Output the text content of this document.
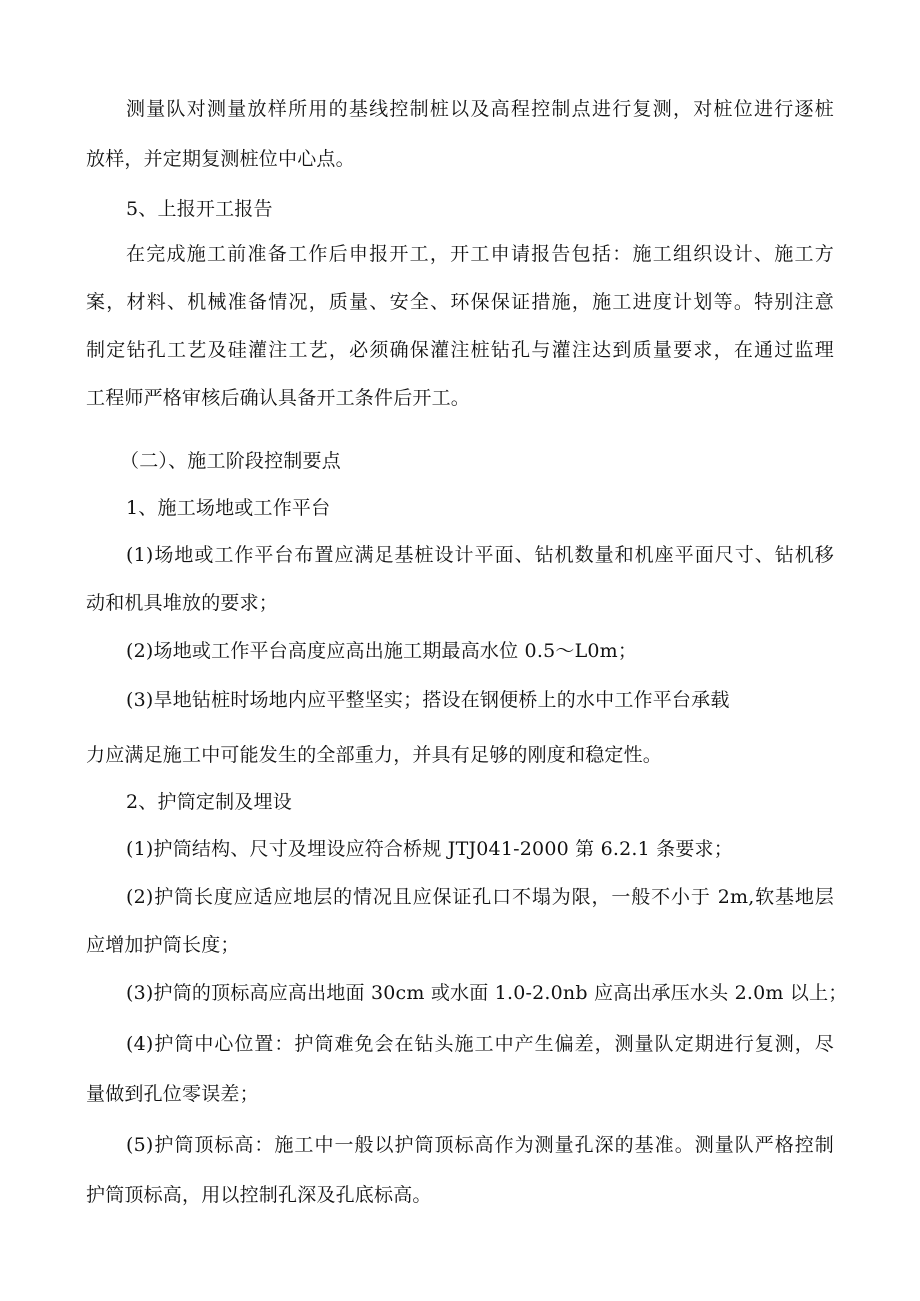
测量队对测量放样所用的基线控制桩以及高程控制点进行复测，对桩位进行逐桩
放样，并定期复测桩位中心点。
5、上报开工报告
在完成施工前准备工作后申报开工，开工申请报告包括：施工组织设计、施工方
案，材料、机械准备情况，质量、安全、环保保证措施，施工进度计划等。特别注意
制定钻孔工艺及硅灌注工艺，必须确保灌注桩钻孔与灌注达到质量要求，在通过监理
工程师严格审核后确认具备开工条件后开工。
（二）、施工阶段控制要点
1、施工场地或工作平台
(1)场地或工作平台布置应满足基桩设计平面、钻机数量和机座平面尺寸、钻机移
动和机具堆放的要求；
(2)场地或工作平台高度应高出施工期最高水位 0.5～L0m；
(3)旱地钻桩时场地内应平整坚实；搭设在钢便桥上的水中工作平台承载
力应满足施工中可能发生的全部重力，并具有足够的刚度和稳定性。
2、护筒定制及埋设
(1)护筒结构、尺寸及埋设应符合桥规 JTJ041-2000 第 6.2.1 条要求；
(2)护筒长度应适应地层的情况且应保证孔口不塌为限，一般不小于 2m,软基地层
应增加护筒长度；
(3)护筒的顶标高应高出地面 30cm 或水面 1.0-2.0nb 应高出承压水头 2.0m 以上；
(4)护筒中心位置：护筒难免会在钻头施工中产生偏差，测量队定期进行复测，尽
量做到孔位零误差；
(5)护筒顶标高：施工中一般以护筒顶标高作为测量孔深的基准。测量队严格控制
护筒顶标高，用以控制孔深及孔底标高。
